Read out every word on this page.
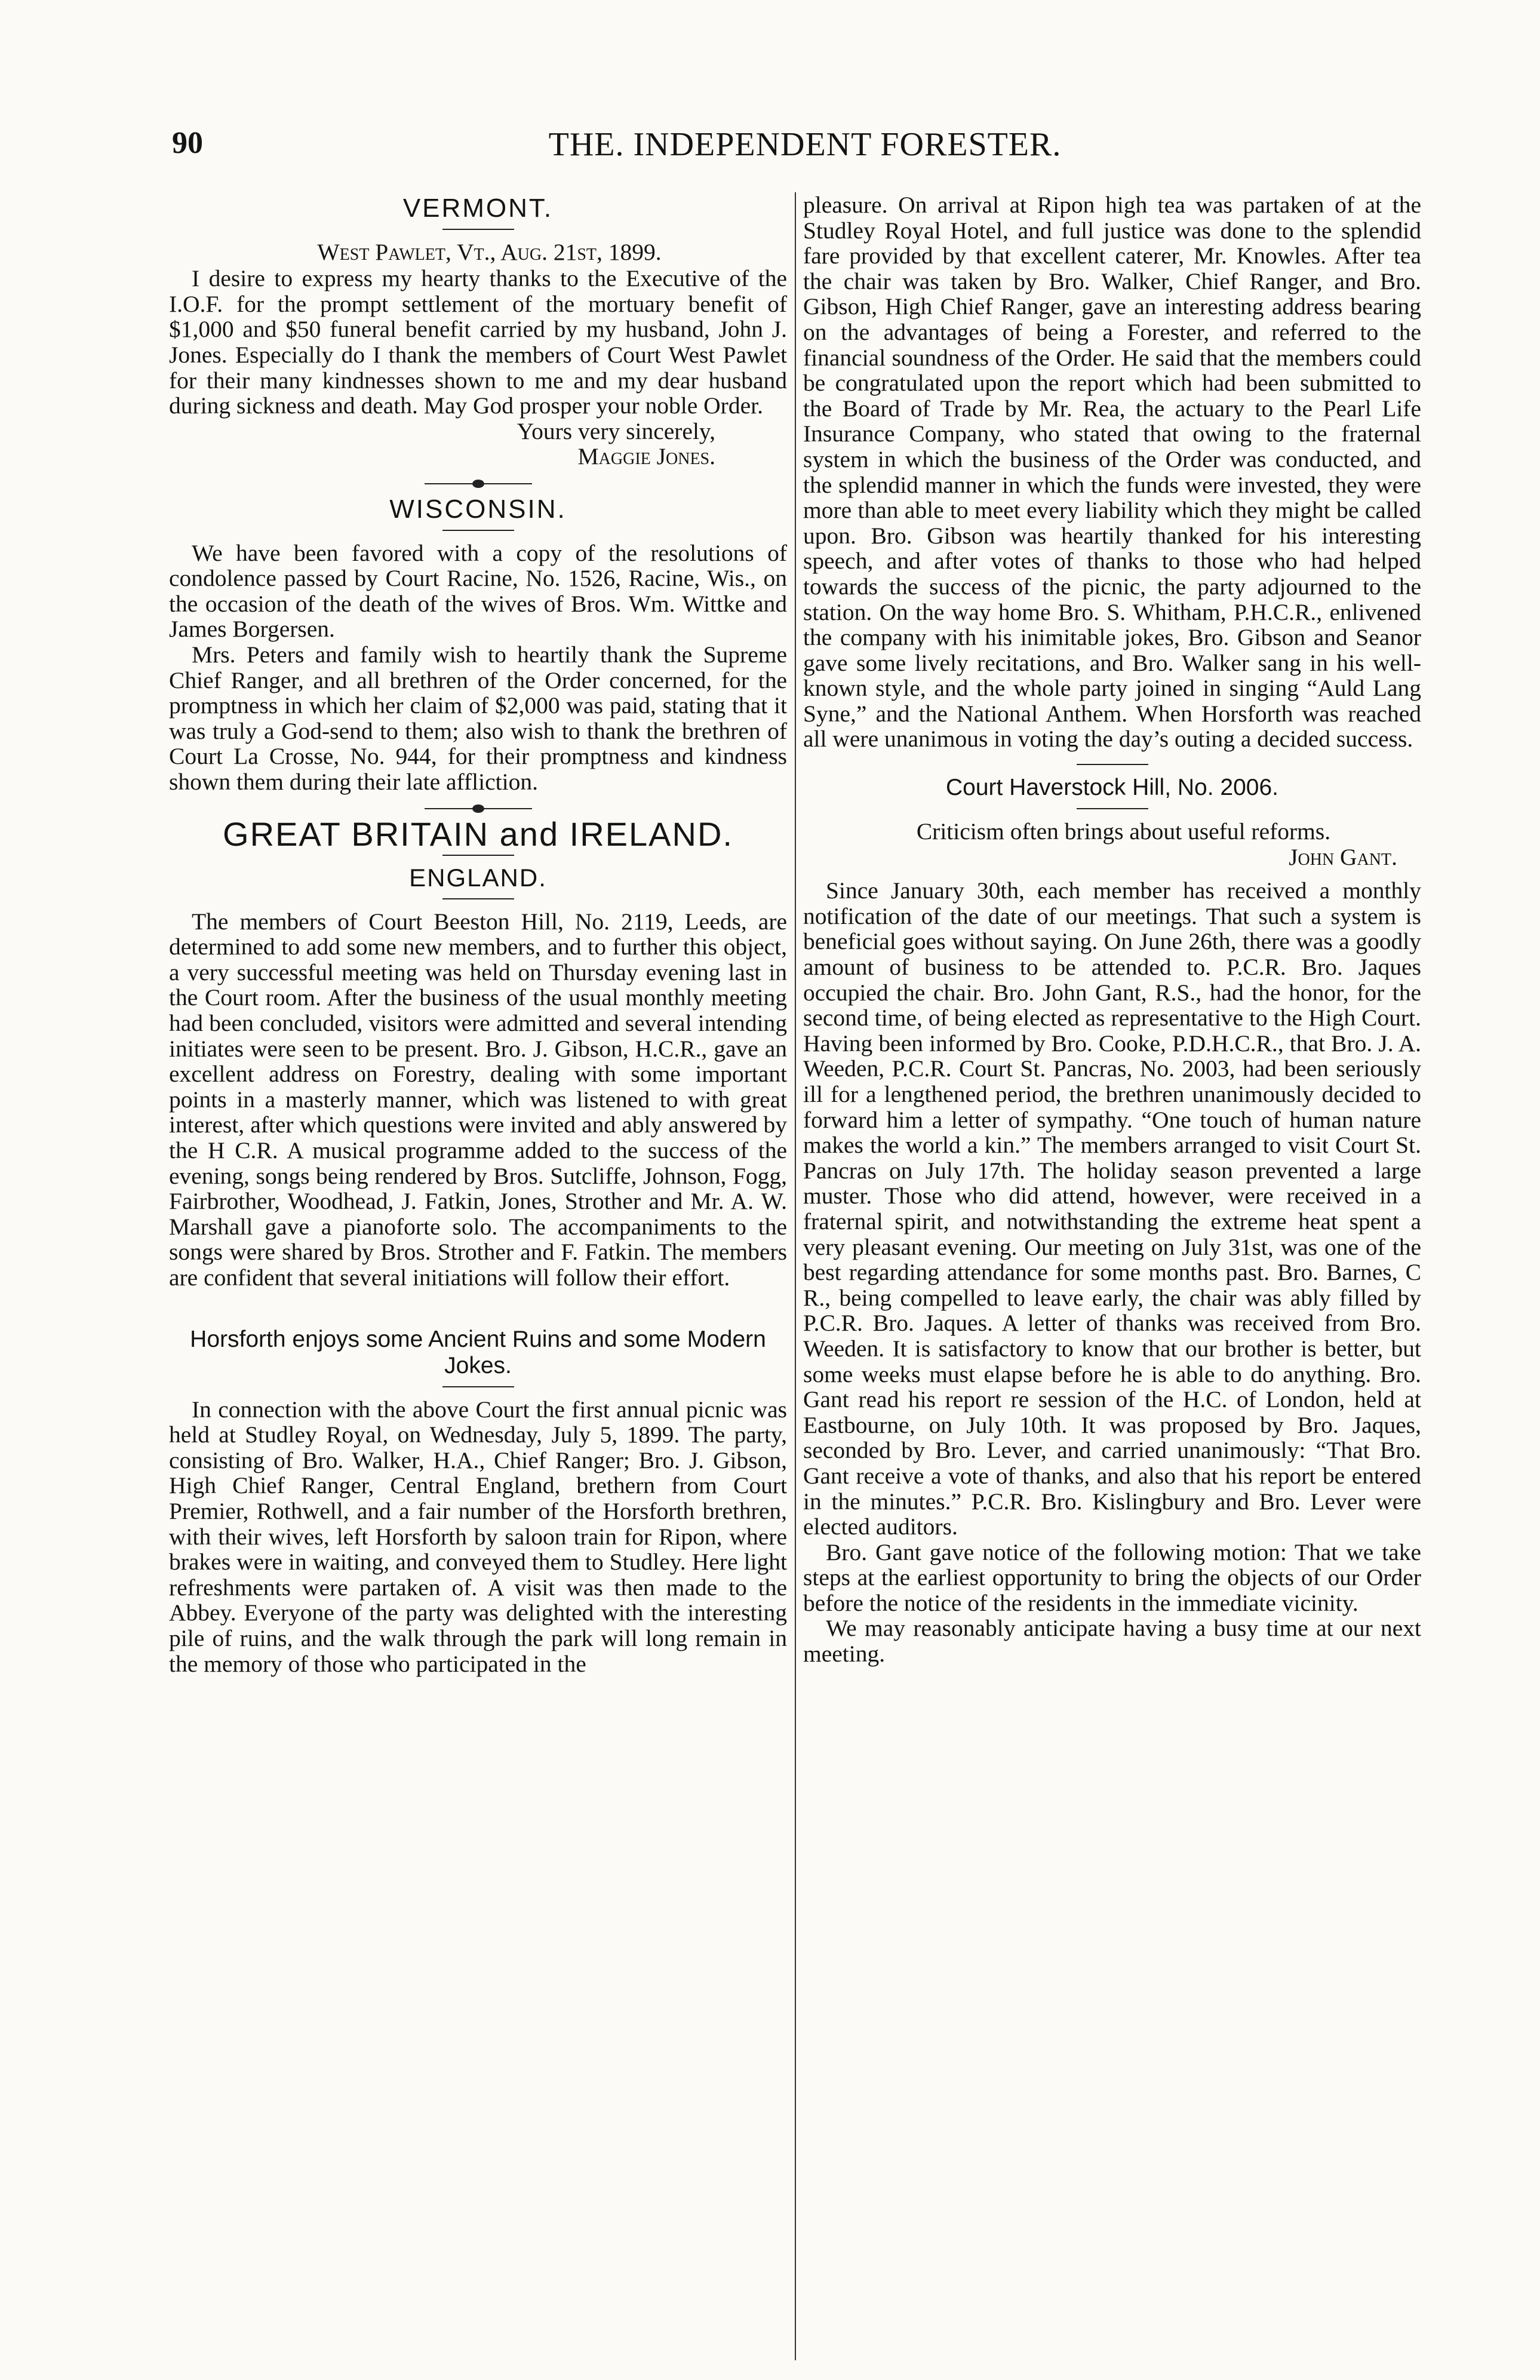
90	THE. INDEPENDENT FORESTER.
VERMONT.

West Pawlet, Vt., Aug. 21st, 1899.

I desire to express my hearty thanks to the Executive of the I.O.F. for the prompt settlement of the mortuary benefit of $1,000 and $50 funeral benefit carried by my husband, John J. Jones. Especially do I thank the members of Court West Pawlet for their many kindnesses shown to me and my dear husband during sickness and death. May God prosper your noble Order.

Yours very sincerely,

Maggie Jones.

WISCONSIN.

We have been favored with a copy of the resolutions of condolence passed by Court Racine, No. 1526, Racine, Wis., on the occasion of the death of the wives of Bros. Wm. Wittke and James Borgersen.

Mrs. Peters and family wish to heartily thank the Supreme Chief Ranger, and all brethren of the Order concerned, for the promptness in which her claim of $2,000 was paid, stating that it was truly a God-send to them; also wish to thank the brethren of Court La Crosse, No. 944, for their promptness and kindness shown them during their late affliction.

GREAT BRITAIN and IRELAND.
ENGLAND.

The members of Court Beeston Hill, No. 2119, Leeds, are determined to add some new members, and to further this object, a very successful meeting was held on Thursday evening last in the Court room. After the business of the usual monthly meeting had been concluded, visitors were admitted and several intending initiates were seen to be present. Bro. J. Gibson, H.C.R., gave an excellent address on Forestry, dealing with some important points in a masterly manner, which was listened to with great interest, after which questions were invited and ably answered by the H C.R. A musical programme added to the success of the evening, songs being rendered by Bros. Sutcliffe, Johnson, Fogg, Fairbrother, Woodhead, J. Fatkin, Jones, Strother and Mr. A. W. Marshall gave a pianoforte solo. The accompaniments to the songs were shared by Bros. Strother and F. Fatkin. The members are confident that several initiations will follow their effort.

Horsforth enjoys some Ancient Ruins and some Modern Jokes.

In connection with the above Court the first annual picnic was held at Studley Royal, on Wednesday, July 5, 1899. The party, consisting of Bro. Walker, H.A., Chief Ranger; Bro. J. Gibson, High Chief Ranger, Central England, brethern from Court Premier, Rothwell, and a fair number of the Horsforth brethren, with their wives, left Horsforth by saloon train for Ripon, where brakes were in waiting, and conveyed them to Studley. Here light refreshments were partaken of. A visit was then made to the Abbey. Everyone of the party was delighted with the interesting pile of ruins, and the walk through the park will long remain in the memory of those who participated in the

pleasure. On arrival at Ripon high tea was partaken of at the Studley Royal Hotel, and full justice was done to the splendid fare provided by that excellent caterer, Mr. Knowles. After tea the chair was taken by Bro. Walker, Chief Ranger, and Bro. Gibson, High Chief Ranger, gave an interesting address bearing on the advantages of being a Forester, and referred to the financial soundness of the Order. He said that the members could be congratulated upon the report which had been submitted to the Board of Trade by Mr. Rea, the actuary to the Pearl Life Insurance Company, who stated that owing to the fraternal system in which the business of the Order was conducted, and the splendid manner in which the funds were invested, they were more than able to meet every liability which they might be called upon. Bro. Gibson was heartily thanked for his interesting speech, and after votes of thanks to those who had helped towards the success of the picnic, the party adjourned to the station. On the way home Bro. S. Whitham, P.H.C.R., enlivened the company with his inimitable jokes, Bro. Gibson and Seanor gave some lively recitations, and Bro. Walker sang in his well-known style, and the whole party joined in singing “Auld Lang Syne,” and the National Anthem. When Horsforth was reached all were unanimous in voting the day’s outing a decided success.

Court Haverstock Hill, No. 2006.

Criticism often brings about useful reforms.

John Gant.

Since January 30th, each member has received a monthly notification of the date of our meetings. That such a system is beneficial goes without saying. On June 26th, there was a goodly amount of business to be attended to. P.C.R. Bro. Jaques occupied the chair. Bro. John Gant, R.S., had the honor, for the second time, of being elected as representative to the High Court. Having been informed by Bro. Cooke, P.D.H.C.R., that Bro. J. A. Weeden, P.C.R. Court St. Pancras, No. 2003, had been seriously ill for a lengthened period, the brethren unanimously decided to forward him a letter of sympathy. “One touch of human nature makes the world a kin.” The members arranged to visit Court St. Pancras on July 17th. The holiday season prevented a large muster. Those who did attend, however, were received in a fraternal spirit, and notwithstanding the extreme heat spent a very pleasant evening. Our meeting on July 31st, was one of the best regarding attendance for some months past. Bro. Barnes, C R., being compelled to leave early, the chair was ably filled by P.C.R. Bro. Jaques. A letter of thanks was received from Bro. Weeden. It is satisfactory to know that our brother is better, but some weeks must elapse before he is able to do anything. Bro. Gant read his report re session of the H.C. of London, held at Eastbourne, on July 10th. It was proposed by Bro. Jaques, seconded by Bro. Lever, and carried unanimously: “That Bro. Gant receive a vote of thanks, and also that his report be entered in the minutes.” P.C.R. Bro. Kislingbury and Bro. Lever were elected auditors.

Bro. Gant gave notice of the following motion: That we take steps at the earliest opportunity to bring the objects of our Order before the notice of the residents in the immediate vicinity.

We may reasonably anticipate having a busy time at our next meeting.
